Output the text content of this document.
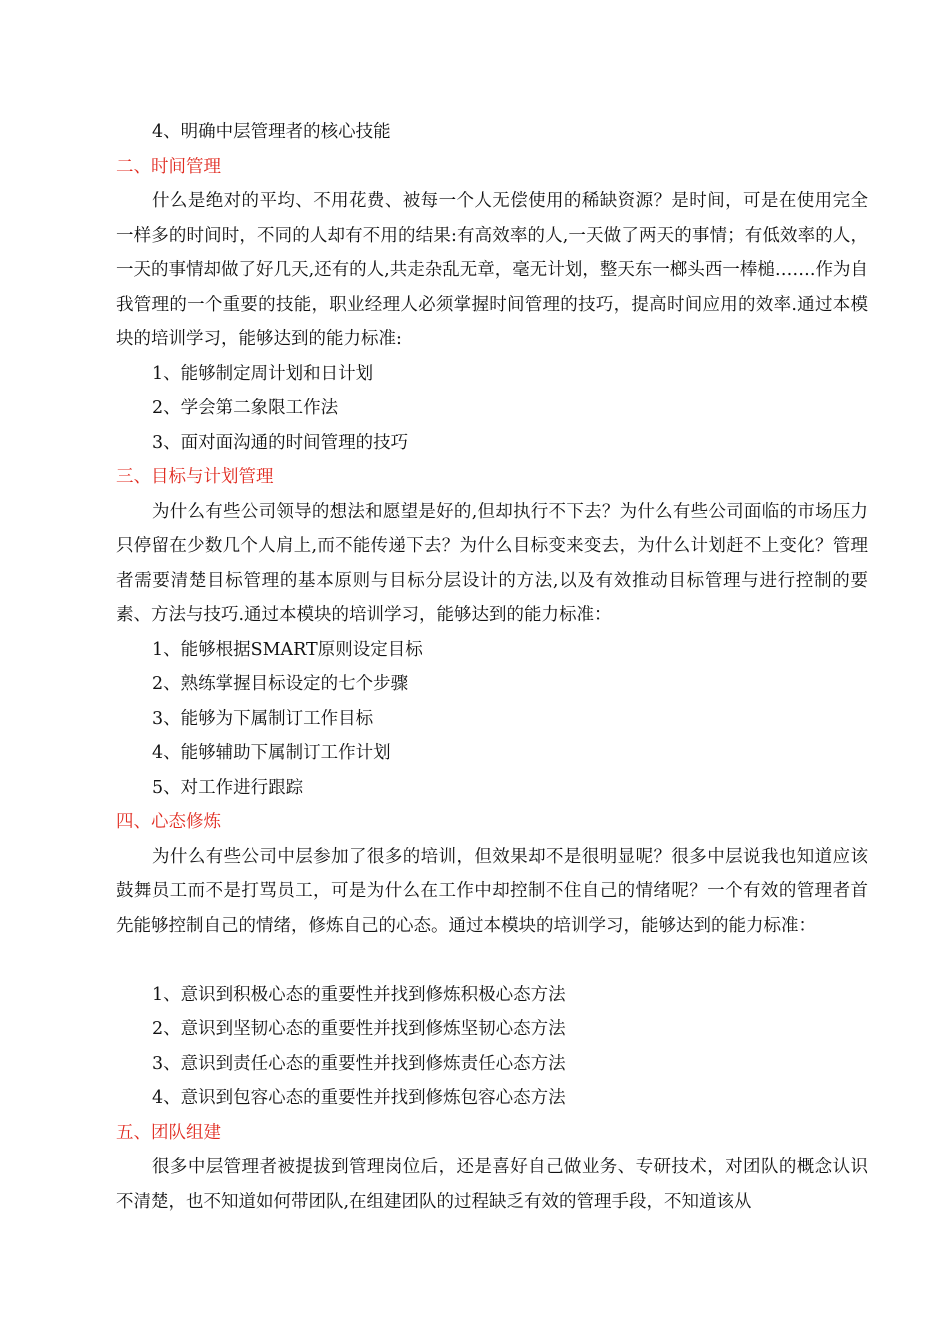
4、明确中层管理者的核心技能
二、时间管理

什么是绝对的平均、不用花费、被每一个人无偿使用的稀缺资源？是时间，可是在使用完全一样多的时间时，不同的人却有不用的结果:有高效率的人,一天做了两天的事情；有低效率的人，一天的事情却做了好几天,还有的人,共走杂乱无章，毫无计划，整天东一榔头西一棒槌…….作为自我管理的一个重要的技能，职业经理人必须掌握时间管理的技巧，提高时间应用的效率.通过本模块的培训学习，能够达到的能力标准:

1、能够制定周计划和日计划
2、学会第二象限工作法
3、面对面沟通的时间管理的技巧
三、目标与计划管理

为什么有些公司领导的想法和愿望是好的,但却执行不下去？为什么有些公司面临的市场压力只停留在少数几个人肩上,而不能传递下去？为什么目标变来变去，为什么计划赶不上变化？管理者需要清楚目标管理的基本原则与目标分层设计的方法,以及有效推动目标管理与进行控制的要素、方法与技巧.通过本模块的培训学习，能够达到的能力标准：

1、能够根据SMART原则设定目标
2、熟练掌握目标设定的七个步骤
3、能够为下属制订工作目标
4、能够辅助下属制订工作计划
5、对工作进行跟踪
四、心态修炼

为什么有些公司中层参加了很多的培训，但效果却不是很明显呢？很多中层说我也知道应该鼓舞员工而不是打骂员工，可是为什么在工作中却控制不住自己的情绪呢？一个有效的管理者首先能够控制自己的情绪，修炼自己的心态。通过本模块的培训学习，能够达到的能力标准：

1、意识到积极心态的重要性并找到修炼积极心态方法
2、意识到坚韧心态的重要性并找到修炼坚韧心态方法
3、意识到责任心态的重要性并找到修炼责任心态方法
4、意识到包容心态的重要性并找到修炼包容心态方法
五、团队组建

很多中层管理者被提拔到管理岗位后，还是喜好自己做业务、专研技术，对团队的概念认识不清楚，也不知道如何带团队,在组建团队的过程缺乏有效的管理手段，不知道该从
